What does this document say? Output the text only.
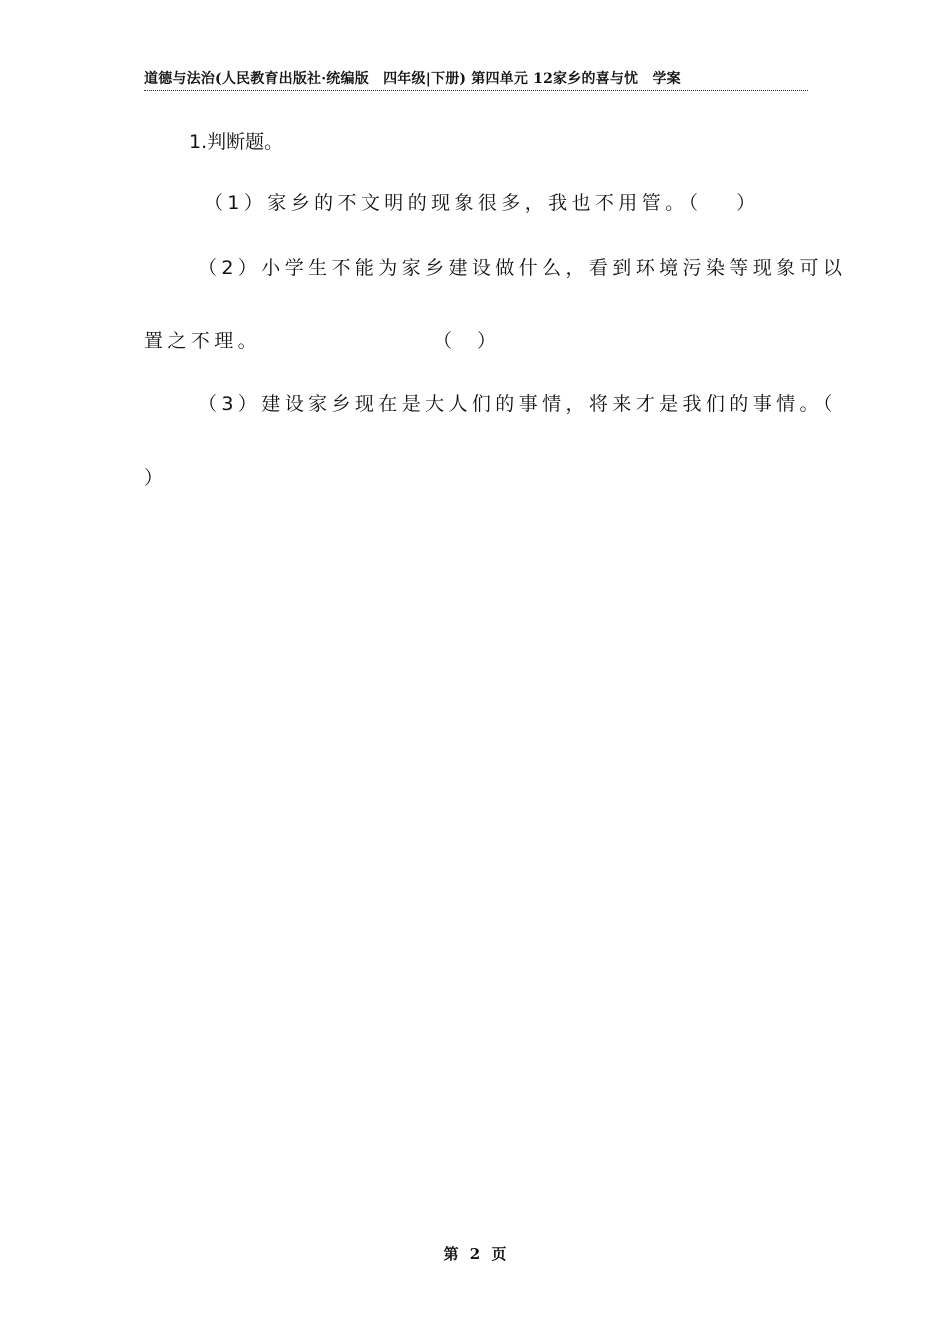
道德与法治(人民教育出版社·统编版　四年级|下册) 第四单元 12家乡的喜与忧　学案
1.判断题。
（1）家乡的不文明的现象很多，我也不用管。（　 ）
（2）小学生不能为家乡建设做什么，看到环境污染等现象可以
置之不理。	（　 ）
（3）建设家乡现在是大人们的事情，将来才是我们的事情。（
）
第 2 页
